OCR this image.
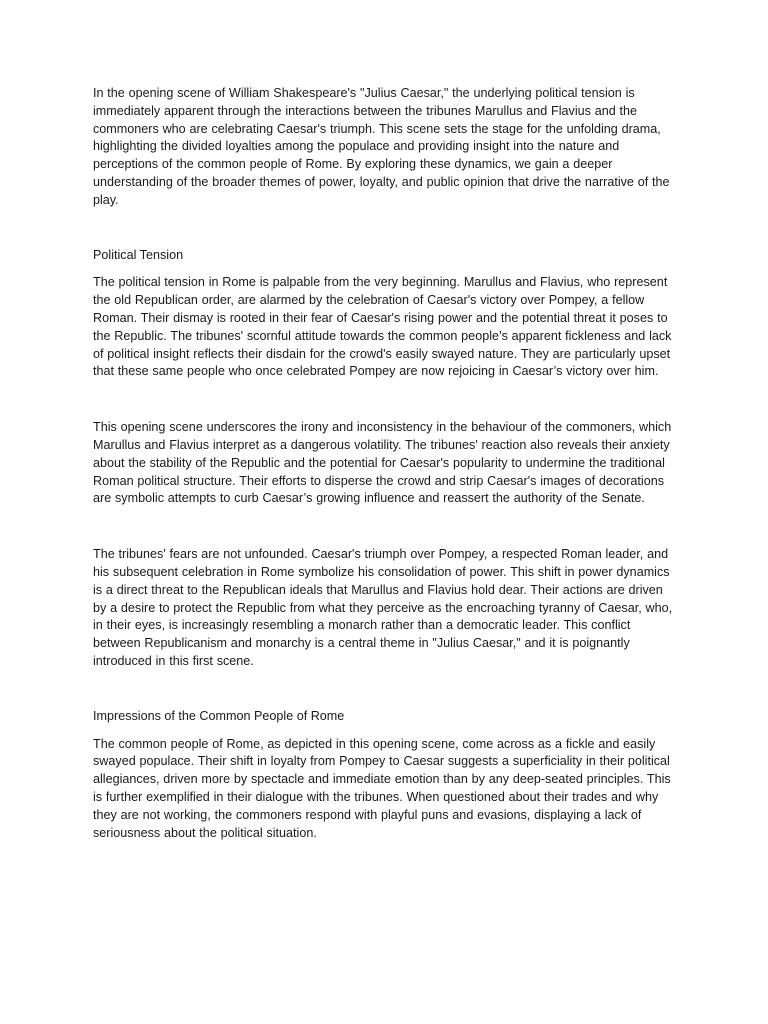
In the opening scene of William Shakespeare's "Julius Caesar," the underlying political tension is immediately apparent through the interactions between the tribunes Marullus and Flavius and the commoners who are celebrating Caesar's triumph. This scene sets the stage for the unfolding drama, highlighting the divided loyalties among the populace and providing insight into the nature and perceptions of the common people of Rome. By exploring these dynamics, we gain a deeper understanding of the broader themes of power, loyalty, and public opinion that drive the narrative of the play.

Political Tension

The political tension in Rome is palpable from the very beginning. Marullus and Flavius, who represent the old Republican order, are alarmed by the celebration of Caesar's victory over Pompey, a fellow Roman. Their dismay is rooted in their fear of Caesar's rising power and the potential threat it poses to the Republic. The tribunes' scornful attitude towards the common people’s apparent fickleness and lack of political insight reflects their disdain for the crowd's easily swayed nature. They are particularly upset that these same people who once celebrated Pompey are now rejoicing in Caesar’s victory over him.

This opening scene underscores the irony and inconsistency in the behaviour of the commoners, which Marullus and Flavius interpret as a dangerous volatility. The tribunes' reaction also reveals their anxiety about the stability of the Republic and the potential for Caesar's popularity to undermine the traditional Roman political structure. Their efforts to disperse the crowd and strip Caesar's images of decorations are symbolic attempts to curb Caesar’s growing influence and reassert the authority of the Senate.

The tribunes' fears are not unfounded. Caesar's triumph over Pompey, a respected Roman leader, and his subsequent celebration in Rome symbolize his consolidation of power. This shift in power dynamics is a direct threat to the Republican ideals that Marullus and Flavius hold dear. Their actions are driven by a desire to protect the Republic from what they perceive as the encroaching tyranny of Caesar, who, in their eyes, is increasingly resembling a monarch rather than a democratic leader. This conflict between Republicanism and monarchy is a central theme in "Julius Caesar," and it is poignantly introduced in this first scene.

Impressions of the Common People of Rome

The common people of Rome, as depicted in this opening scene, come across as a fickle and easily swayed populace. Their shift in loyalty from Pompey to Caesar suggests a superficiality in their political allegiances, driven more by spectacle and immediate emotion than by any deep-seated principles. This is further exemplified in their dialogue with the tribunes. When questioned about their trades and why they are not working, the commoners respond with playful puns and evasions, displaying a lack of seriousness about the political situation.
